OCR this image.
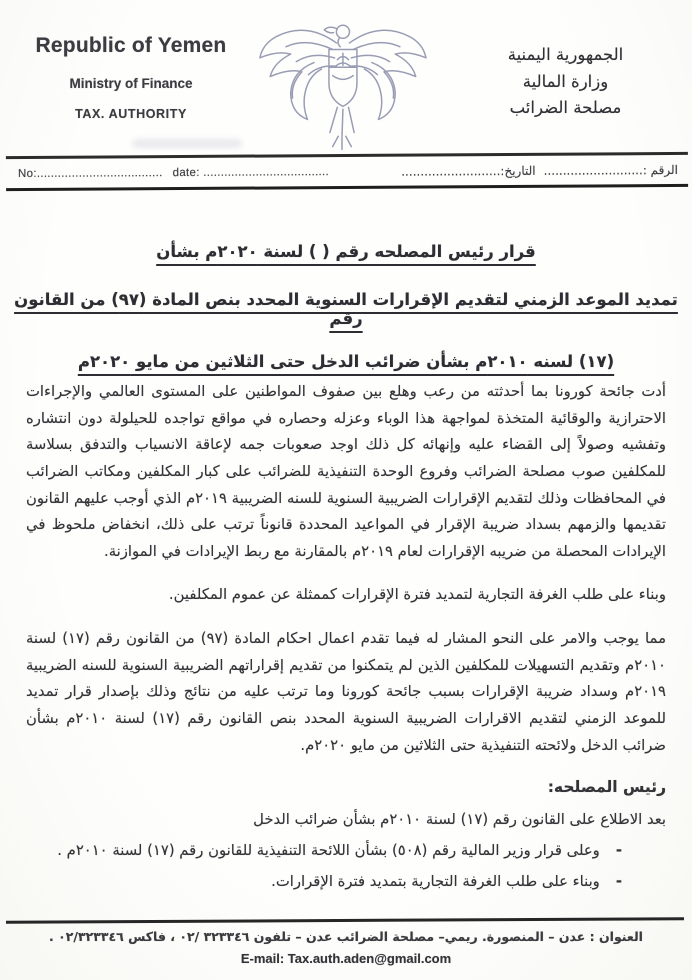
Republic of Yemen
Ministry of Finance
TAX. AUTHORITY
الجمهورية اليمنية
وزارة المالية
مصلحة الضرائب
No:.................................... date: ....................................	الرقم :..........................التاريخ:..........................
قرار رئيس المصلحه رقم ( ) لسنة ٢٠٢٠م بشأن
تمديد الموعد الزمني لتقديم الإقرارات السنوية المحدد بنص المادة (٩٧) من القانون رقم
(١٧) لسنه ٢٠١٠م بشأن ضرائب الدخل حتى الثلاثين من مايو ٢٠٢٠م

أدت جائحة كورونا بما أحدثته من رعب وهلع بين صفوف المواطنين على المستوى العالمي والإجراءات الاحترازية والوقائية المتخذة لمواجهة هذا الوباء وعزله وحصاره في مواقع تواجده للحيلولة دون انتشاره وتفشيه وصولاً إلى القضاء عليه وإنهائه كل ذلك اوجد صعوبات جمه لإعاقة الانسياب والتدفق بسلاسة للمكلفين صوب مصلحة الضرائب وفروع الوحدة التنفيذية للضرائب على كبار المكلفين ومكاتب الضرائب في المحافظات وذلك لتقديم الإقرارات الضريبية السنوية للسنه الضريبية ٢٠١٩م الذي أوجب عليهم القانون تقديمها والزمهم بسداد ضريبة الإقرار في المواعيد المحددة قانوناً ترتب على ذلك، انخفاض ملحوظ في الإيرادات المحصلة من ضريبه الإقرارات لعام ٢٠١٩م بالمقارنة مع ربط الإيرادات في الموازنة.

وبناء على طلب الغرفة التجارية لتمديد فترة الإقرارات كممثلة عن عموم المكلفين.

مما يوجب والامر على النحو المشار له فيما تقدم اعمال احكام المادة (٩٧) من القانون رقم (١٧) لسنة ٢٠١٠م وتقديم التسهيلات للمكلفين الذين لم يتمكنوا من تقديم إقراراتهم الضريبية السنوية للسنه الضريبية ٢٠١٩م وسداد ضريبة الإقرارات بسبب جائحة كورونا وما ترتب عليه من نتائج وذلك بإصدار قرار تمديد للموعد الزمني لتقديم الاقرارات الضريبية السنوية المحدد بنص القانون رقم (١٧) لسنة ٢٠١٠م بشأن ضرائب الدخل ولائحته التنفيذية حتى الثلاثين من مايو ٢٠٢٠م.

رئيس المصلحه:
بعد الاطلاع على القانون رقم (١٧) لسنة ٢٠١٠م بشأن ضرائب الدخل
-وعلى قرار وزير المالية رقم (٥٠٨) بشأن اللائحة التنفيذية للقانون رقم (١٧) لسنة ٢٠١٠م .
-وبناء على طلب الغرفة التجارية بتمديد فترة الإقرارات.
العنوان : عدن – المنصورة. ريمي– مصلحة الضرائب عدن – تلفون ٣٢٣٣٤٦ /٠٢ ، فاكس ٠٢/٣٢٣٣٤٦ .
E-mail: Tax.auth.aden@gmail.com
